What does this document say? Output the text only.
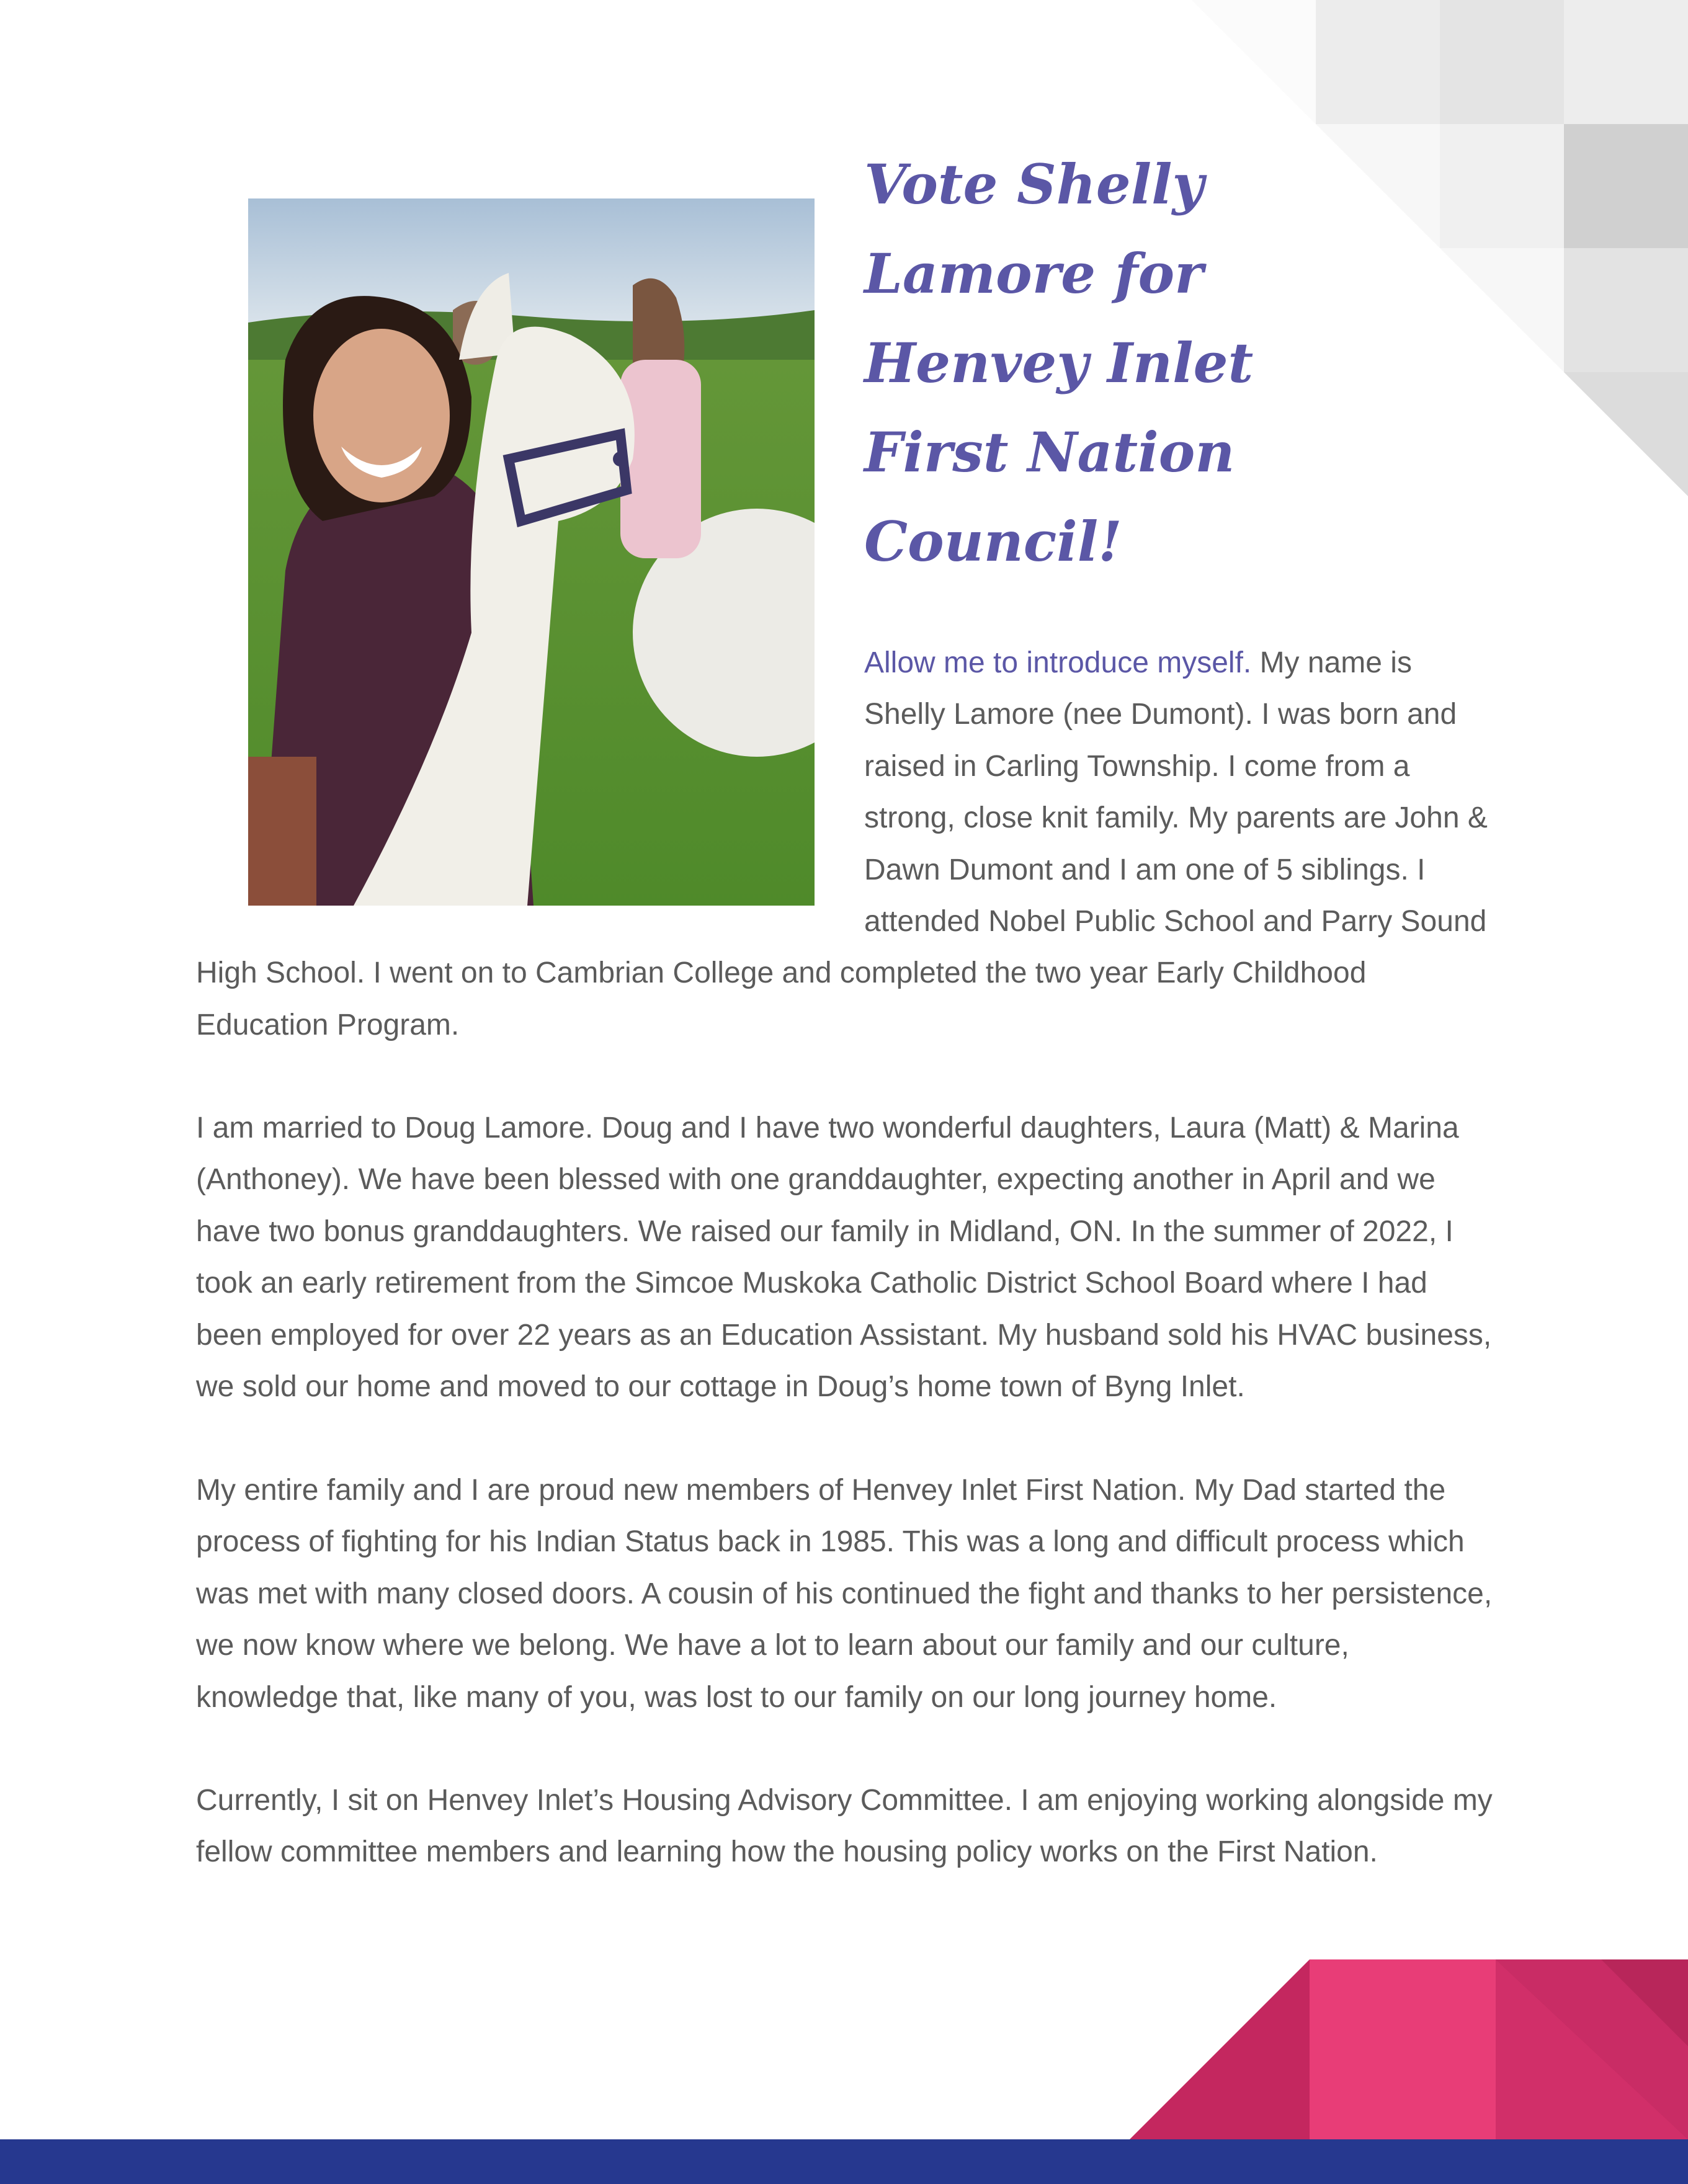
Vote Shelly
Lamore for
Henvey Inlet
First Nation
Council!

Allow me to introduce myself. My name is Shelly Lamore (nee Dumont). I was born and raised in Carling Township. I come from a strong, close knit family. My parents are John & Dawn Dumont and I am one of 5 siblings. I attended Nobel Public School and Parry Sound High School. I went on to Cambrian College and completed the two year Early Childhood Education Program.

I am married to Doug Lamore. Doug and I have two wonderful daughters, Laura (Matt) & Marina (Anthoney). We have been blessed with one granddaughter, expecting another in April and we have two bonus granddaughters. We raised our family in Midland, ON. In the summer of 2022, I took an early retirement from the Simcoe Muskoka Catholic District School Board where I had been employed for over 22 years as an Education Assistant. My husband sold his HVAC business, we sold our home and moved to our cottage in Doug’s home town of Byng Inlet.

My entire family and I are proud new members of Henvey Inlet First Nation. My Dad started the process of fighting for his Indian Status back in 1985. This was a long and difficult process which was met with many closed doors. A cousin of his continued the fight and thanks to her persistence, we now know where we belong. We have a lot to learn about our family and our culture, knowledge that, like many of you, was lost to our family on our long journey home.

Currently, I sit on Henvey Inlet’s Housing Advisory Committee. I am enjoying working alongside my fellow committee members and learning how the housing policy works on the First Nation.
